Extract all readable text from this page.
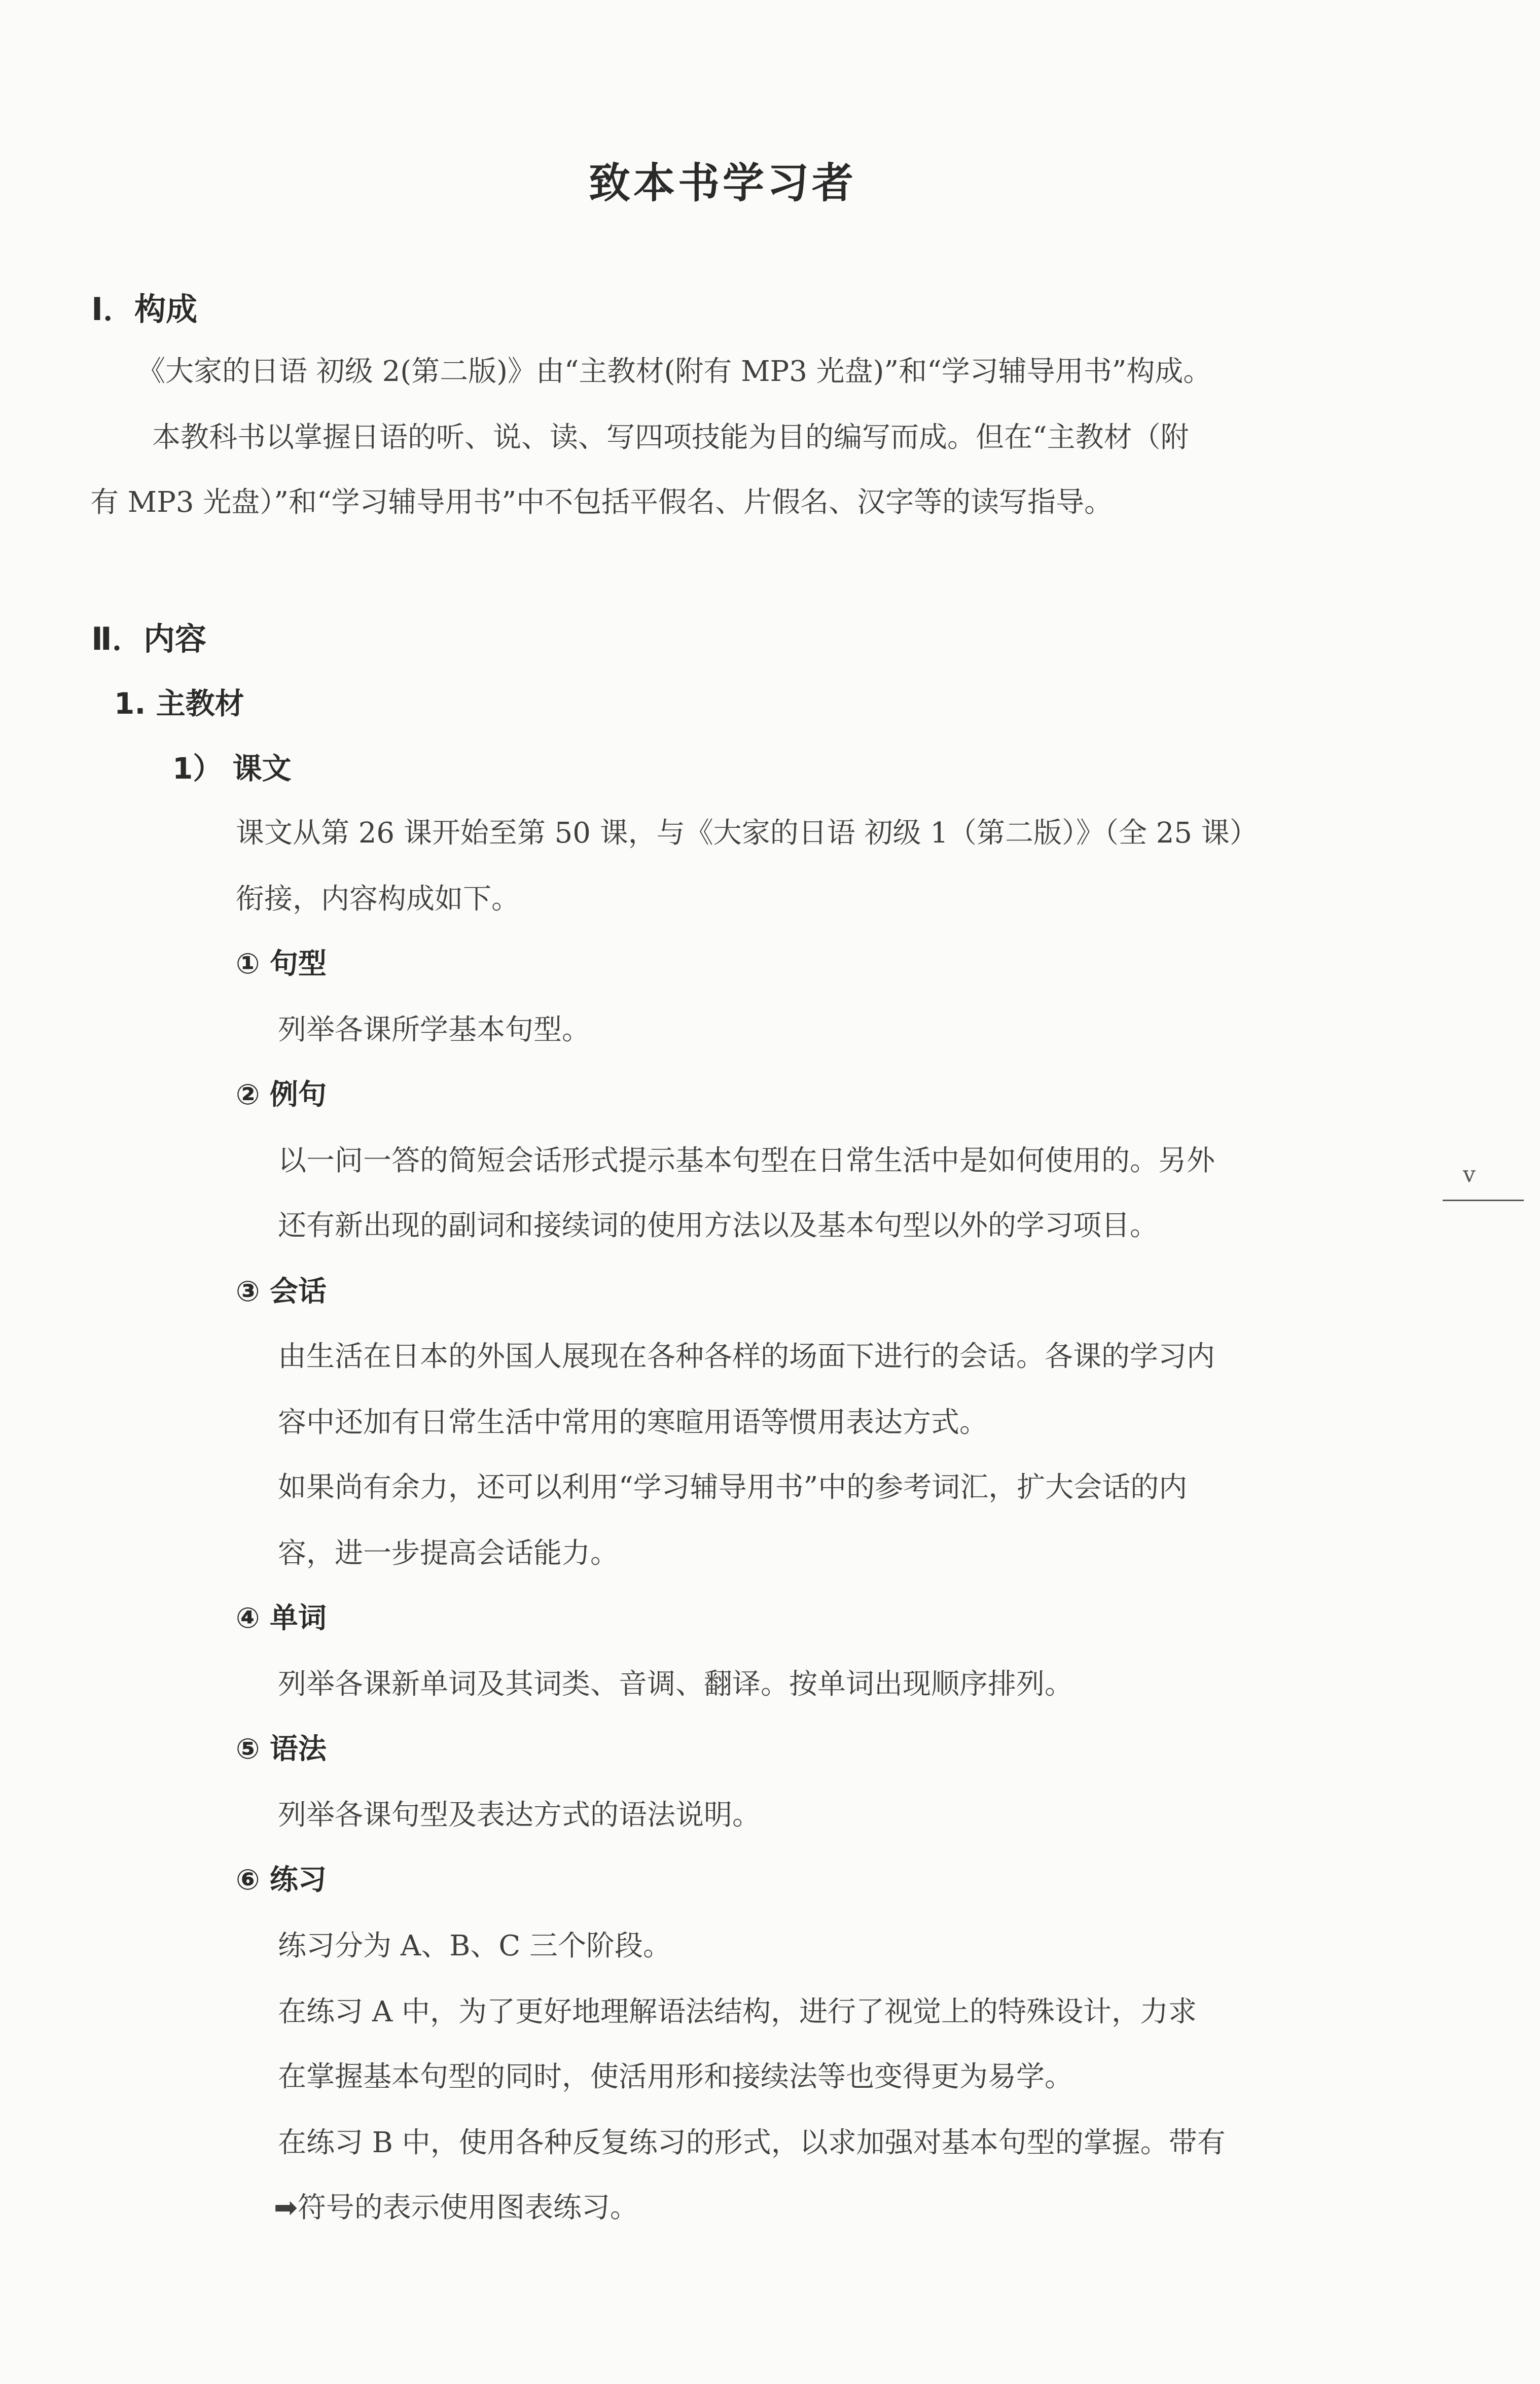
致本书学习者
Ⅰ．构成
《大家的日语 初级 2(第二版)》由“主教材(附有 MP3 光盘)”和“学习辅导用书”构成。
本教科书以掌握日语的听、说、读、写四项技能为目的编写而成。但在“主教材（附
有 MP3 光盘）”和“学习辅导用书”中不包括平假名、片假名、汉字等的读写指导。
Ⅱ．内容
1. 主教材
1） 课文
课文从第 26 课开始至第 50 课，与《大家的日语 初级 1（第二版）》（全 25 课）
衔接，内容构成如下。
① 句型
列举各课所学基本句型。
② 例句
以一问一答的简短会话形式提示基本句型在日常生活中是如何使用的。另外
还有新出现的副词和接续词的使用方法以及基本句型以外的学习项目。
③ 会话
由生活在日本的外国人展现在各种各样的场面下进行的会话。各课的学习内
容中还加有日常生活中常用的寒暄用语等惯用表达方式。
如果尚有余力，还可以利用“学习辅导用书”中的参考词汇，扩大会话的内
容，进一步提高会话能力。
④ 单词
列举各课新单词及其词类、音调、翻译。按单词出现顺序排列。
⑤ 语法
列举各课句型及表达方式的语法说明。
⑥ 练习
练习分为 A、B、C 三个阶段。
在练习 A 中，为了更好地理解语法结构，进行了视觉上的特殊设计，力求
在掌握基本句型的同时，使活用形和接续法等也变得更为易学。
在练习 B 中，使用各种反复练习的形式，以求加强对基本句型的掌握。带有
➡符号的表示使用图表练习。
v
